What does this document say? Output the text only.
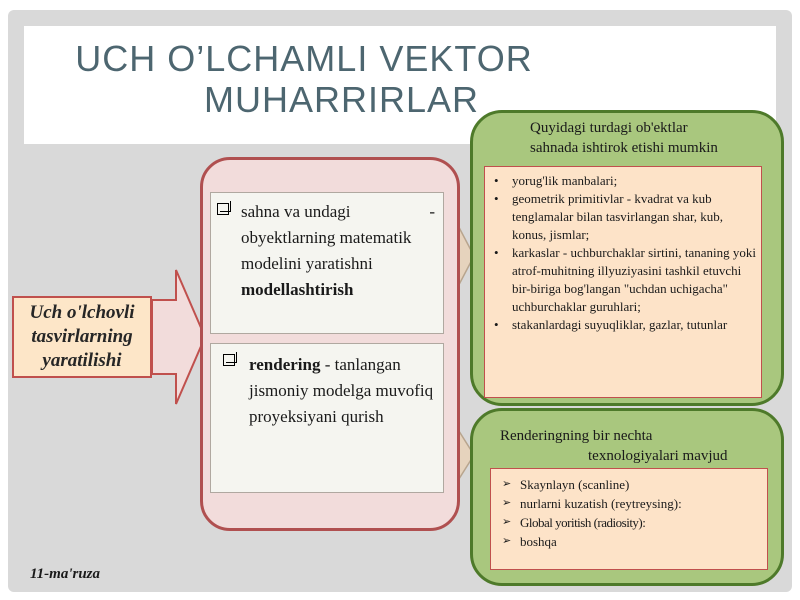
UCH O’LCHAMLI VEKTOR
MUHARRIRLAR
Uch o'lchovli tasvirlarning yaratilishi
-
sahna va undagi obyektlarning matematik modelini yaratishni modellashtirish
rendering - tanlangan jismoniy modelga muvofiq proyeksiyani qurish
Quyidagi turdagi ob'ektlar
sahnada ishtirok etishi mumkin
• yorug'lik manbalari;
• geometrik primitivlar - kvadrat va kub tenglamalar bilan tasvirlangan shar, kub, konus, jismlar;
• karkaslar - uchburchaklar sirtini, tananing yoki atrof-muhitning illyuziyasini tashkil etuvchi bir-biriga bog'langan "uchdan uchigacha" uchburchaklar guruhlari;
• stakanlardagi suyuqliklar, gazlar, tutunlar
Renderingning bir nechta
texnologiyalari mavjud
➢ Skaynlayn (scanline)
➢ nurlarni kuzatish (reytreysing):
➢ Global yoritish (radiosity):
➢ boshqa
11-ma'ruza
